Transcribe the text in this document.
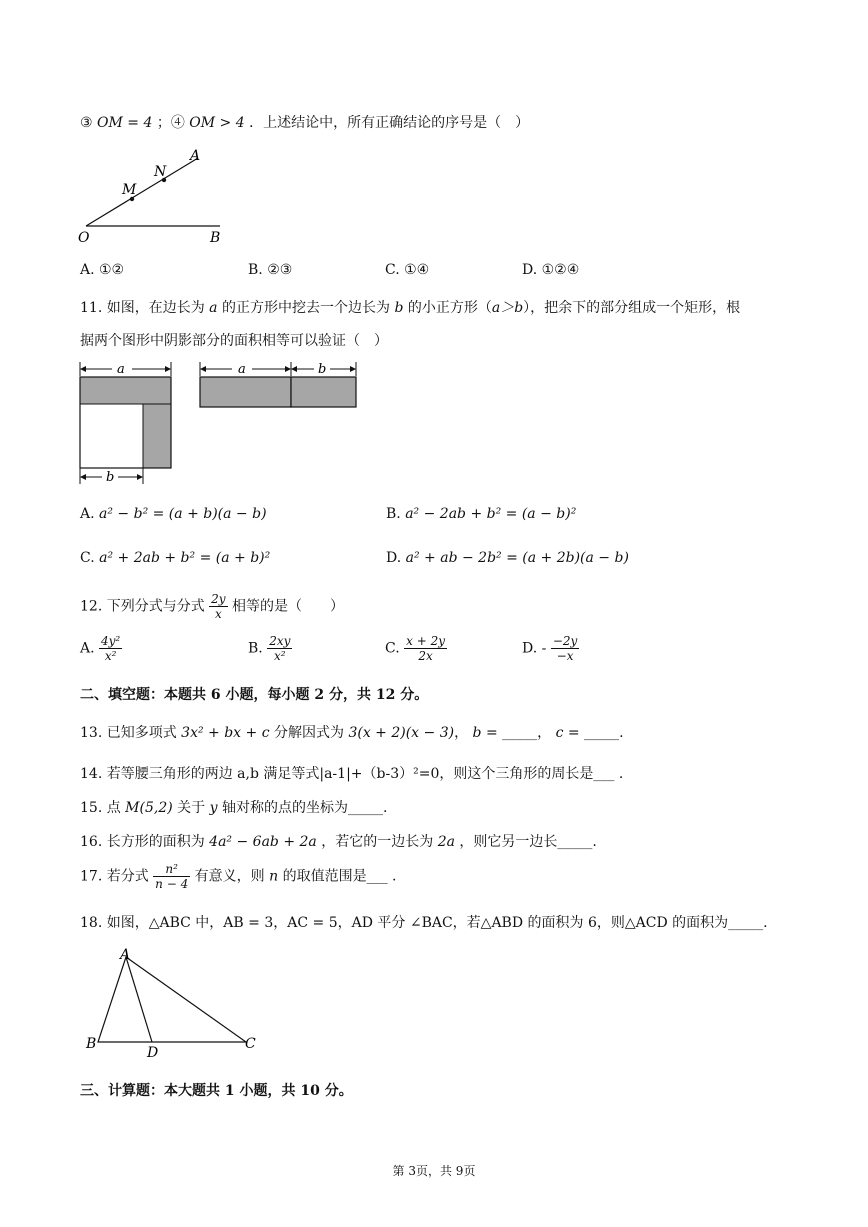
③ OM = 4 ；④ OM > 4 ．上述结论中，所有正确结论的序号是（　）
A
N
M
O	B
A. ①②	B. ②③	C. ①④	D. ①②④
11. 如图，在边长为 a 的正方形中挖去一个边长为 b 的小正方形（a＞b），把余下的部分组成一个矩形，根
据两个图形中阴影部分的面积相等可以验证（　）
a
b
a	b
A. a² − b² = (a + b)(a − b)	B. a² − 2ab + b² = (a − b)²
C. a² + 2ab + b² = (a + b)²	D. a² + ab − 2b² = (a + 2b)(a − b)
12. 下列分式与分式 $\frac{2y}{x}$ 相等的是（　　）
A. $\frac{\text{4y²}}{\text{x²}}$	B. $\frac{2xy}{\text{x²}}$	C. $\frac{x + 2y}{2x}$	D. - $\frac{-2y}{-x}$
二、填空题：本题共 6 小题，每小题 2 分，共 12 分。
13. 已知多项式 3x² + bx + c 分解因式为 3(x + 2)(x − 3)， b = _____， c = _____.
14. 若等腰三角形的两边 a,b 满足等式|a-1|+（b-3）²=0，则这个三角形的周长是___ .
15. 点 M(5,2) 关于 y 轴对称的点的坐标为_____.
16. 长方形的面积为 4a² − 6ab + 2a ，若它的一边长为 2a ，则它另一边长_____.
17. 若分式 $\frac{\text{n²}}{n - 4}$ 有意义，则 n 的取值范围是___ .
18. 如图，△ABC 中，AB = 3，AC = 5，AD 平分 ∠BAC，若△ABD 的面积为 6，则△ACD 的面积为_____.
A
B
D
C
三、计算题：本大题共 1 小题，共 10 分。
第 3页，共 9页
